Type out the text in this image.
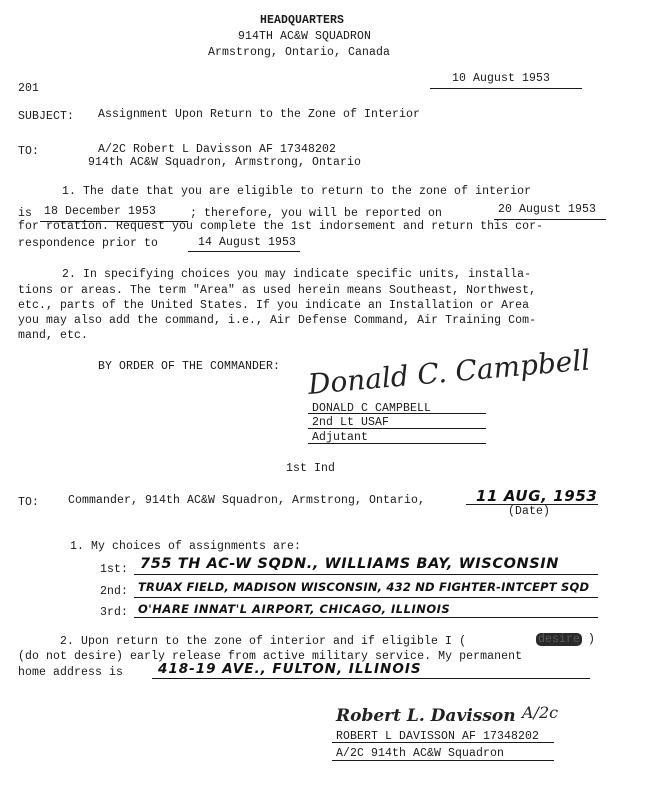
HEADQUARTERS
914TH AC&W SQUADRON
Armstrong, Ontario, Canada
201
10 August 1953
SUBJECT: Assignment Upon Return to the Zone of Interior
TO:	A/2C Robert L Davisson AF 17348202
914th AC&W Squadron, Armstrong, Ontario
1. The date that you are eligible to return to the zone of interior
is 18 December 1953	; therefore, you will be reported on	20 August 1953
for rotation. Request you complete the 1st indorsement and return this cor-
respondence prior to	14 August 1953
2. In specifying choices you may indicate specific units, installa-
tions or areas. The term "Area" as used herein means Southeast, Northwest,
etc., parts of the United States. If you indicate an Installation or Area
you may also add the command, i.e., Air Defense Command, Air Training Com-
mand, etc.
BY ORDER OF THE COMMANDER: Donald C. Campbell
DONALD C CAMPBELL
2nd Lt USAF
Adjutant
1st Ind
TO:	Commander, 914th AC&W Squadron, Armstrong, Ontario,	11 AUG, 1953
(Date)
1. My choices of assignments are:
1st: 755 TH AC-W SQDN., WILLIAMS BAY, WISCONSIN
2nd: TRUAX FIELD, MADISON WISCONSIN, 432 ND FIGHTER-INTCEPT SQD
3rd: O'HARE INNAT'L AIRPORT, CHICAGO, ILLINOIS
2. Upon return to the zone of interior and if eligible I (	desire )
(do not desire) early release from active military service. My permanent
home address is	418-19 AVE., FULTON, ILLINOIS
Robert L. Davisson A/2c
ROBERT L DAVISSON AF 17348202
A/2C 914th AC&W Squadron
